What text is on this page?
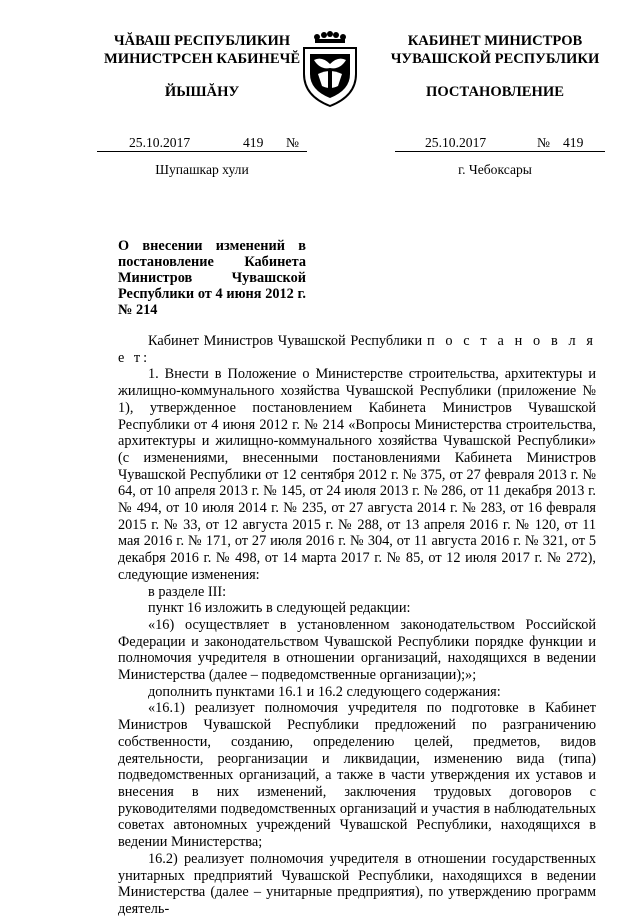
ЧĂВАШ РЕСПУБЛИКИН
МИНИСТРСЕН КАБИНЕЧĔ
ЙЫШĂНУ
КАБИНЕТ МИНИСТРОВ
ЧУВАШСКОЙ РЕСПУБЛИКИ
ПОСТАНОВЛЕНИЕ
25.10.2017	419 №	25.10.2017	№ 419
Шупашкар хули	г. Чебоксары
О внесении изменений в постановление Кабинета Министров Чувашской Республики от 4 июня 2012 г. № 214

Кабинет Министров Чувашской Республики п о с т а н о в л я е т:

1. Внести в Положение о Министерстве строительства, архитектуры и жилищно-коммунального хозяйства Чувашской Республики (приложение № 1), утвержденное постановлением Кабинета Министров Чувашской Республики от 4 июня 2012 г. № 214 «Вопросы Министерства строительства, архитектуры и жилищно-коммунального хозяйства Чувашской Республики» (с изменениями, внесенными постановлениями Кабинета Министров Чувашской Республики от 12 сентября 2012 г. № 375, от 27 февраля 2013 г. № 64, от 10 апреля 2013 г. № 145, от 24 июля 2013 г. № 286, от 11 декабря 2013 г. № 494, от 10 июля 2014 г. № 235, от 27 августа 2014 г. № 283, от 16 февраля 2015 г. № 33, от 12 августа 2015 г. № 288, от 13 апреля 2016 г. № 120, от 11 мая 2016 г. № 171, от 27 июля 2016 г. № 304, от 11 августа 2016 г. № 321, от 5 декабря 2016 г. № 498, от 14 марта 2017 г. № 85, от 12 июля 2017 г. № 272), следующие изменения:

в разделе III:

пункт 16 изложить в следующей редакции:

«16) осуществляет в установленном законодательством Российской Федерации и законодательством Чувашской Республики порядке функции и полномочия учредителя в отношении организаций, находящихся в ведении Министерства (далее – подведомственные организации);»;

дополнить пунктами 16.1 и 16.2 следующего содержания:

«16.1) реализует полномочия учредителя по подготовке в Кабинет Министров Чувашской Республики предложений по разграничению собственности, созданию, определению целей, предметов, видов деятельности, реорганизации и ликвидации, изменению вида (типа) подведомственных организаций, а также в части утверждения их уставов и внесения в них изменений, заключения трудовых договоров с руководителями подведомственных организаций и участия в наблюдательных советах автономных учреждений Чувашской Республики, находящихся в ведении Министерства;

16.2) реализует полномочия учредителя в отношении государственных унитарных предприятий Чувашской Республики, находящихся в ведении Министерства (далее – унитарные предприятия), по утверждению программ деятель-
